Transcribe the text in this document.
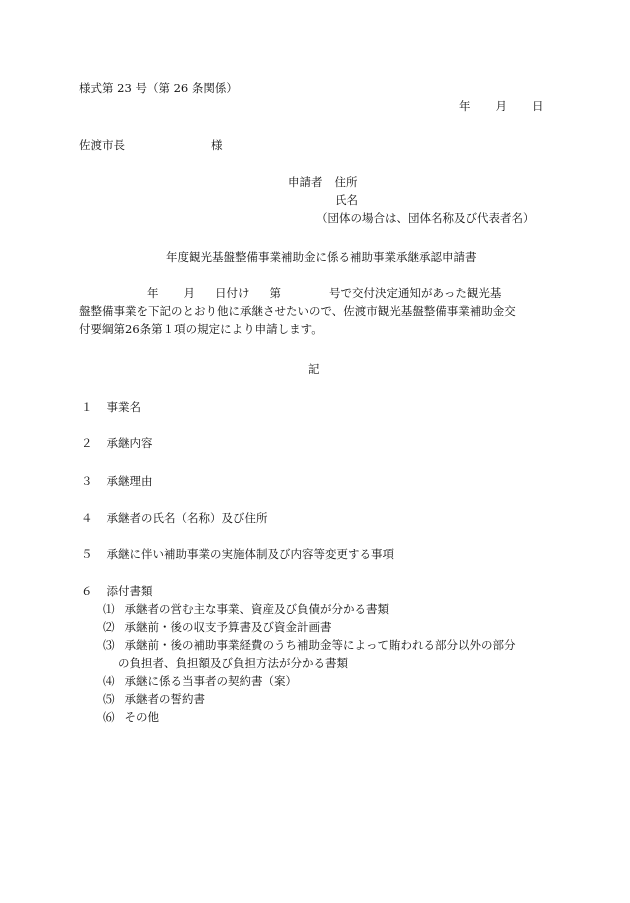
様式第 23 号（第 26 条関係）
年 月 日
佐渡市長	様
申請者 住所
氏名
（団体の場合は、団体名称及び代表者名）
年度観光基盤整備事業補助金に係る補助事業承継承認申請書
年 月 日付け 第	号で交付決定通知があった観光基
盤整備事業を下記のとおり他に承継させたいので、佐渡市観光基盤整備事業補助金交
付要綱第26条第１項の規定により申請します。
記
１ 事業名
２ 承継内容
３ 承継理由
４ 承継者の氏名（名称）及び住所
５ 承継に伴い補助事業の実施体制及び内容等変更する事項
６ 添付書類
⑴ 承継者の営む主な事業、資産及び負債が分かる書類
⑵ 承継前・後の収支予算書及び資金計画書
⑶ 承継前・後の補助事業経費のうち補助金等によって賄われる部分以外の部分
の負担者、負担額及び負担方法が分かる書類
⑷ 承継に係る当事者の契約書（案）
⑸ 承継者の誓約書
⑹ その他
